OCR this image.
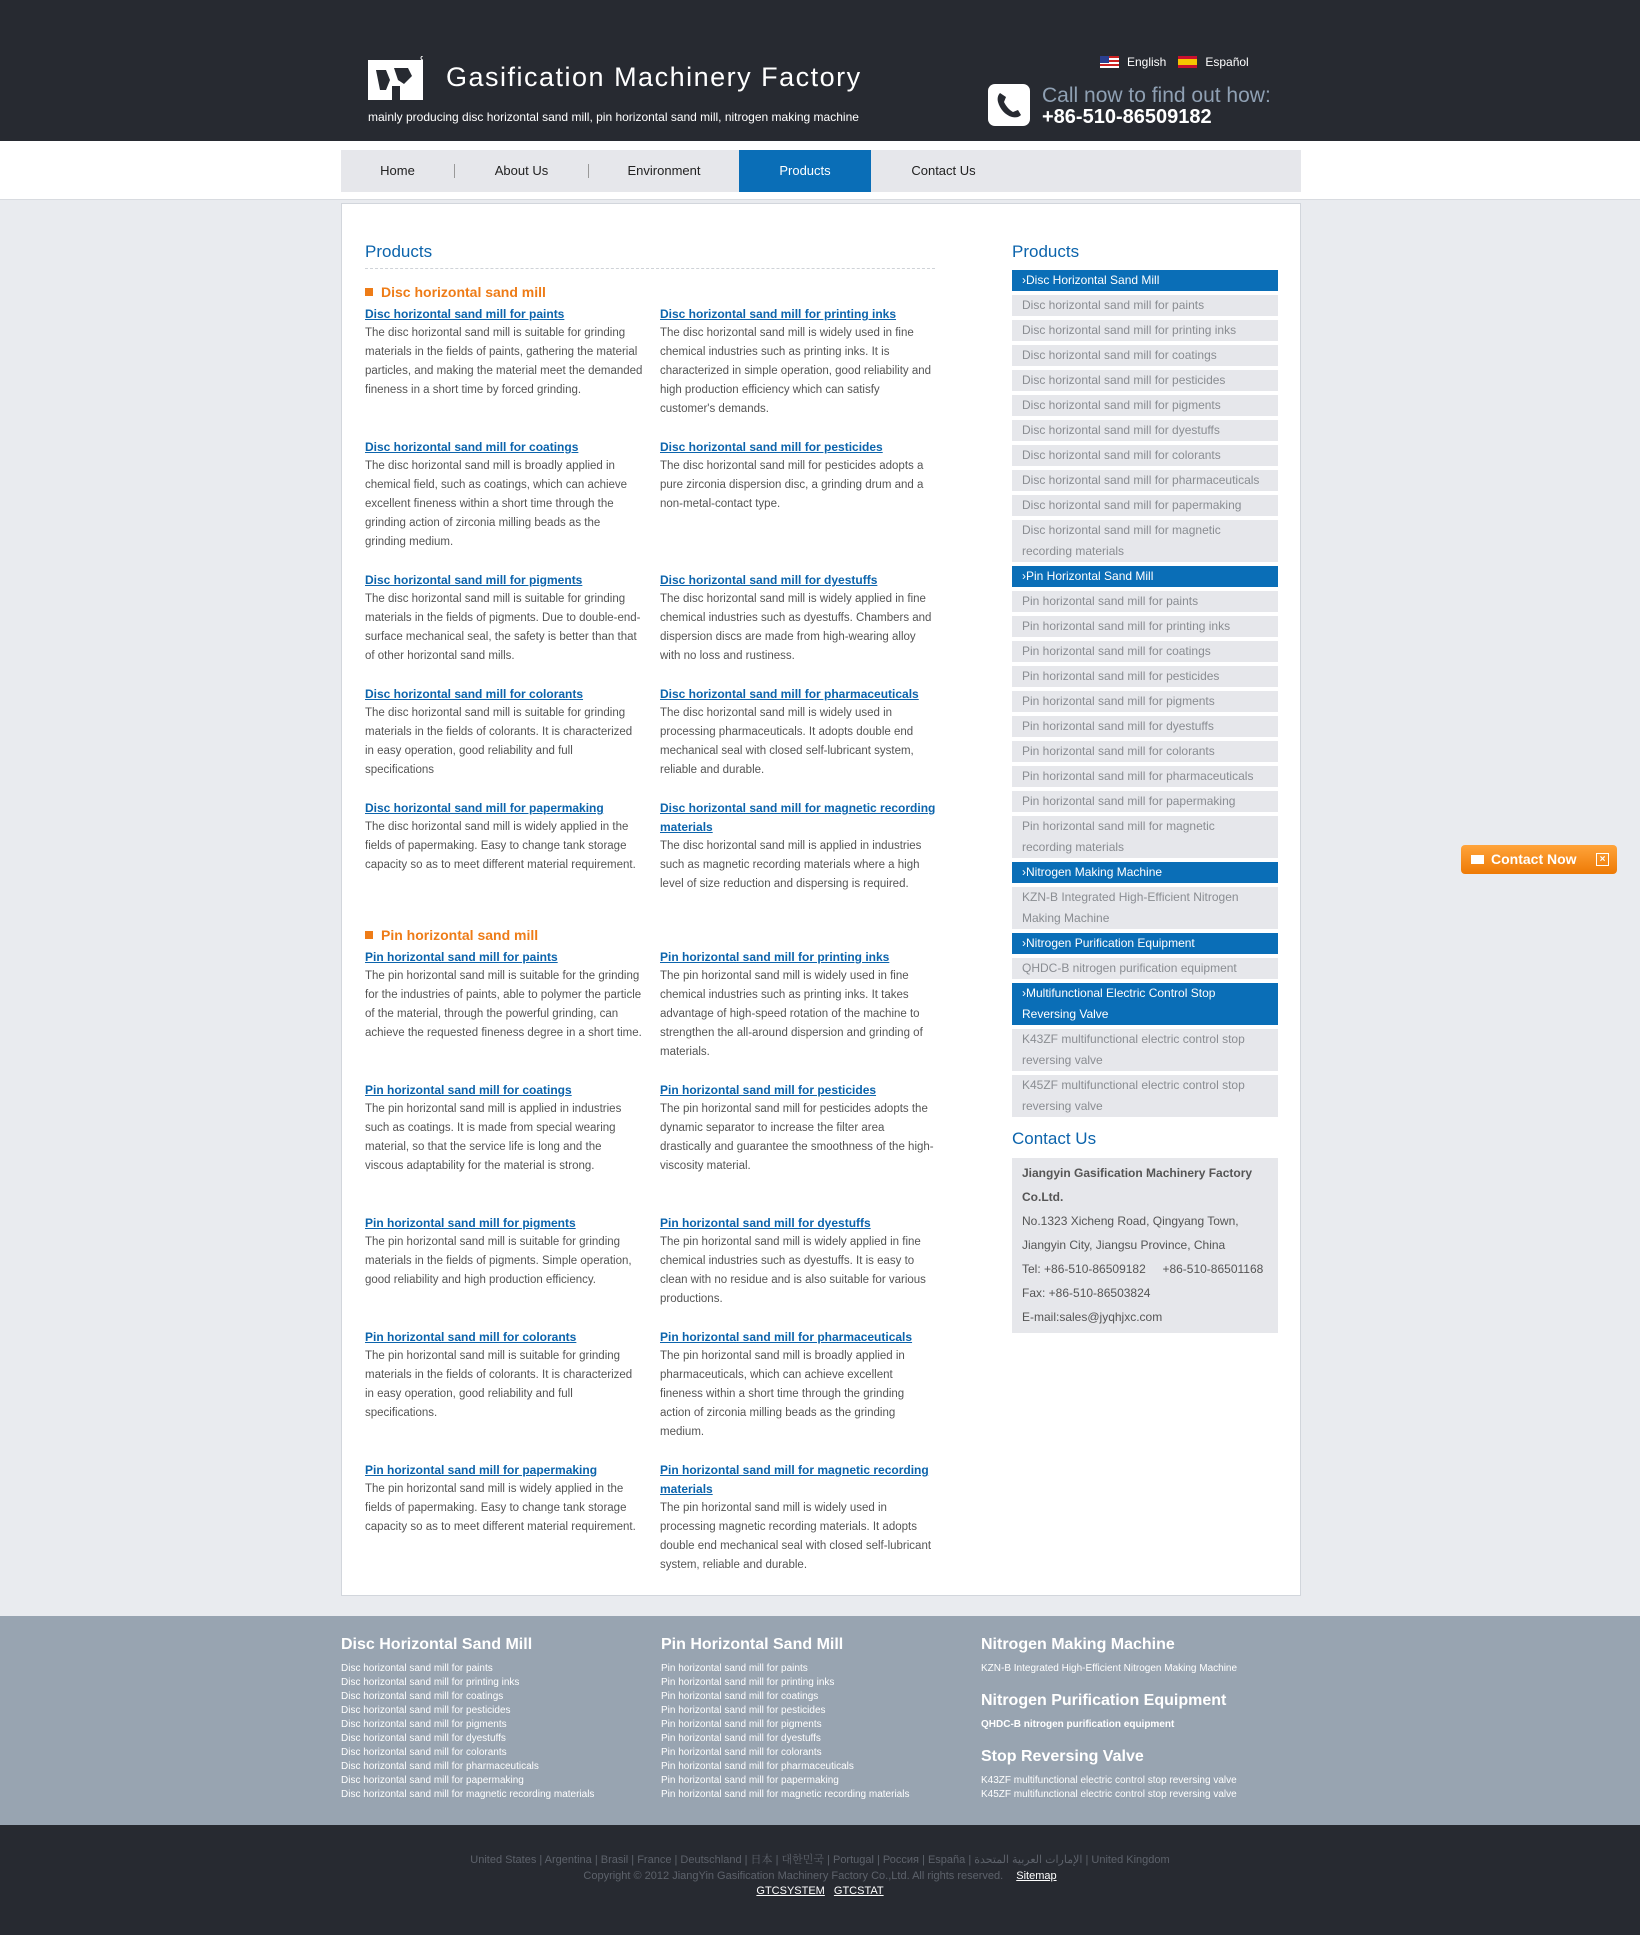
Gasification Machinery Factory
mainly producing disc horizontal sand mill, pin horizontal sand mill, nitrogen making machine
English	Español
Call now to find out how:
+86-510-86509182
Home	About Us	Environment	Products	Contact Us
Products
Disc horizontal sand mill
Disc horizontal sand mill for paints

The disc horizontal sand mill is suitable for grinding materials in the fields of paints, gathering the material particles, and making the material meet the demanded fineness in a short time by forced grinding.

Disc horizontal sand mill for printing inks

The disc horizontal sand mill is widely used in fine chemical industries such as printing inks. It is characterized in simple operation, good reliability and high production efficiency which can satisfy customer's demands.

Disc horizontal sand mill for coatings

The disc horizontal sand mill is broadly applied in chemical field, such as coatings, which can achieve excellent fineness within a short time through the grinding action of zirconia milling beads as the grinding medium.

Disc horizontal sand mill for pesticides

The disc horizontal sand mill for pesticides adopts a pure zirconia dispersion disc, a grinding drum and a non-metal-contact type.

Disc horizontal sand mill for pigments

The disc horizontal sand mill is suitable for grinding materials in the fields of pigments. Due to double-end-surface mechanical seal, the safety is better than that of other horizontal sand mills.

Disc horizontal sand mill for dyestuffs

The disc horizontal sand mill is widely applied in fine chemical industries such as dyestuffs. Chambers and dispersion discs are made from high-wearing alloy with no loss and rustiness.

Disc horizontal sand mill for colorants

The disc horizontal sand mill is suitable for grinding materials in the fields of colorants. It is characterized in easy operation, good reliability and full specifications

Disc horizontal sand mill for pharmaceuticals

The disc horizontal sand mill is widely used in processing pharmaceuticals. It adopts double end mechanical seal with closed self-lubricant system, reliable and durable.

Disc horizontal sand mill for papermaking

The disc horizontal sand mill is widely applied in the fields of papermaking. Easy to change tank storage capacity so as to meet different material requirement.

Disc horizontal sand mill for magnetic recording materials

The disc horizontal sand mill is applied in industries such as magnetic recording materials where a high level of size reduction and dispersing is required.

Pin horizontal sand mill
Pin horizontal sand mill for paints

The pin horizontal sand mill is suitable for the grinding for the industries of paints, able to polymer the particle of the material, through the powerful grinding, can achieve the requested fineness degree in a short time.

Pin horizontal sand mill for printing inks

The pin horizontal sand mill is widely used in fine chemical industries such as printing inks. It takes advantage of high-speed rotation of the machine to strengthen the all-around dispersion and grinding of materials.

Pin horizontal sand mill for coatings

The pin horizontal sand mill is applied in industries such as coatings. It is made from special wearing material, so that the service life is long and the viscous adaptability for the material is strong.

Pin horizontal sand mill for pesticides

The pin horizontal sand mill for pesticides adopts the dynamic separator to increase the filter area drastically and guarantee the smoothness of the high-viscosity material.

Pin horizontal sand mill for pigments

The pin horizontal sand mill is suitable for grinding materials in the fields of pigments. Simple operation, good reliability and high production efficiency.

Pin horizontal sand mill for dyestuffs

The pin horizontal sand mill is widely applied in fine chemical industries such as dyestuffs. It is easy to clean with no residue and is also suitable for various productions.

Pin horizontal sand mill for colorants

The pin horizontal sand mill is suitable for grinding materials in the fields of colorants. It is characterized in easy operation, good reliability and full specifications.

Pin horizontal sand mill for pharmaceuticals

The pin horizontal sand mill is broadly applied in pharmaceuticals, which can achieve excellent fineness within a short time through the grinding action of zirconia milling beads as the grinding medium.

Pin horizontal sand mill for papermaking

The pin horizontal sand mill is widely applied in the fields of papermaking. Easy to change tank storage capacity so as to meet different material requirement.

Pin horizontal sand mill for magnetic recording materials

The pin horizontal sand mill is widely used in processing magnetic recording materials. It adopts double end mechanical seal with closed self-lubricant system, reliable and durable.

Products
› Disc Horizontal Sand Mill
Disc horizontal sand mill for paints
Disc horizontal sand mill for printing inks
Disc horizontal sand mill for coatings
Disc horizontal sand mill for pesticides
Disc horizontal sand mill for pigments
Disc horizontal sand mill for dyestuffs
Disc horizontal sand mill for colorants
Disc horizontal sand mill for pharmaceuticals
Disc horizontal sand mill for papermaking
Disc horizontal sand mill for magnetic recording materials
› Pin Horizontal Sand Mill
Pin horizontal sand mill for paints
Pin horizontal sand mill for printing inks
Pin horizontal sand mill for coatings
Pin horizontal sand mill for pesticides
Pin horizontal sand mill for pigments
Pin horizontal sand mill for dyestuffs
Pin horizontal sand mill for colorants
Pin horizontal sand mill for pharmaceuticals
Pin horizontal sand mill for papermaking
Pin horizontal sand mill for magnetic recording materials
› Nitrogen Making Machine
KZN-B Integrated High-Efficient Nitrogen Making Machine
› Nitrogen Purification Equipment
QHDC-B nitrogen purification equipment
› Multifunctional Electric Control Stop Reversing Valve
K43ZF multifunctional electric control stop reversing valve
K45ZF multifunctional electric control stop reversing valve
Contact Us
Jiangyin Gasification Machinery Factory Co.Ltd.
No.1323 Xicheng Road, Qingyang Town, Jiangyin City, Jiangsu Province, China
Tel: +86-510-86509182     +86-510-86501168
Fax: +86-510-86503824
E-mail:sales@jyqhjxc.com
Contact Now	×
Disc Horizontal Sand Mill
Disc horizontal sand mill for paints
Disc horizontal sand mill for printing inks
Disc horizontal sand mill for coatings
Disc horizontal sand mill for pesticides
Disc horizontal sand mill for pigments
Disc horizontal sand mill for dyestuffs
Disc horizontal sand mill for colorants
Disc horizontal sand mill for pharmaceuticals
Disc horizontal sand mill for papermaking
Disc horizontal sand mill for magnetic recording materials
Pin Horizontal Sand Mill
Pin horizontal sand mill for paints
Pin horizontal sand mill for printing inks
Pin horizontal sand mill for coatings
Pin horizontal sand mill for pesticides
Pin horizontal sand mill for pigments
Pin horizontal sand mill for dyestuffs
Pin horizontal sand mill for colorants
Pin horizontal sand mill for pharmaceuticals
Pin horizontal sand mill for papermaking
Pin horizontal sand mill for magnetic recording materials
Nitrogen Making Machine
KZN-B Integrated High-Efficient Nitrogen Making Machine
Nitrogen Purification Equipment
QHDC-B nitrogen purification equipment
Stop Reversing Valve
K43ZF multifunctional electric control stop reversing valve
K45ZF multifunctional electric control stop reversing valve
United States | Argentina | Brasil | France | Deutschland | 日本 | 대한민국 | Portugal | Россия | España | الإمارات العربية المتحدة | United Kingdom
Copyright © 2012 JiangYin Gasification Machinery Factory Co.,Ltd. All rights reserved. Sitemap
GTCSYSTEM GTCSTAT
